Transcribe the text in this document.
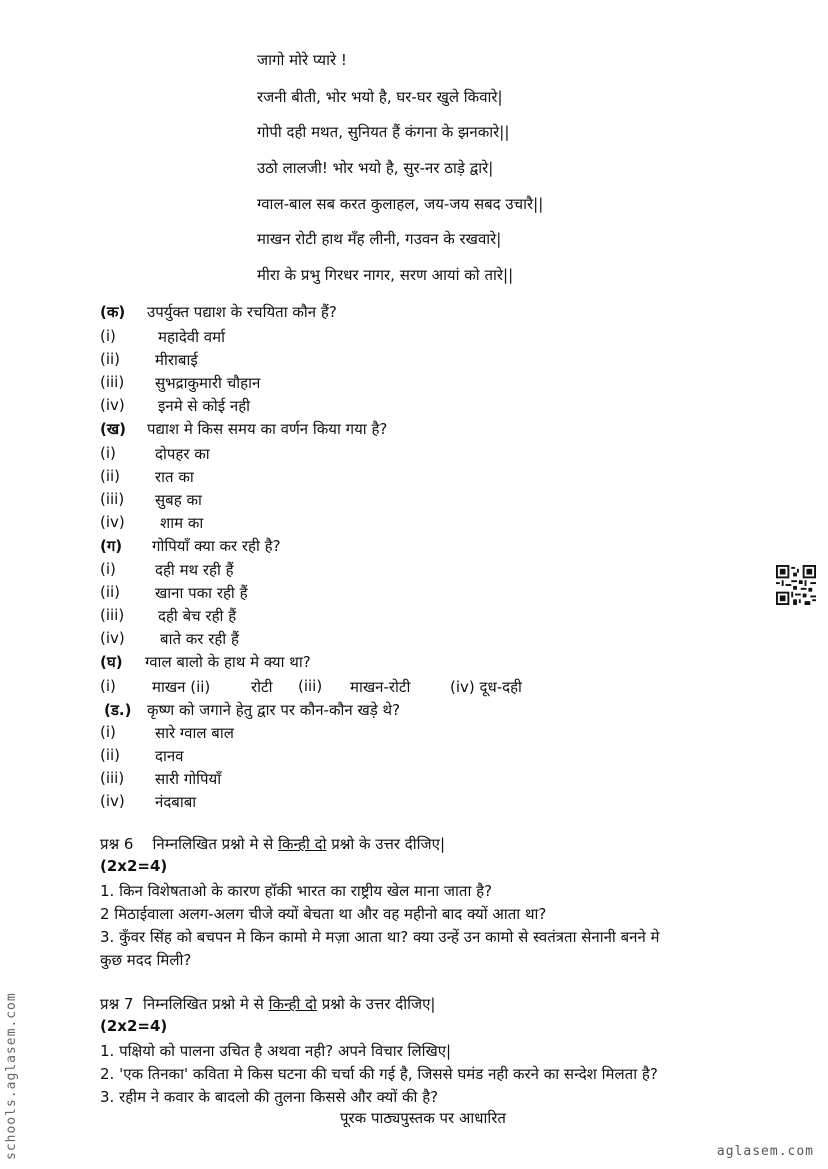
जागो मोरे प्यारे !
रजनी बीती, भोर भयो है, घर-घर खुले किवारे|
गोपी दही मथत, सुनियत हैं कंगना के झनकारे||
उठो लालजी! भोर भयो है, सुर-नर ठाड़े द्वारे|
ग्वाल-बाल सब करत कुलाहल, जय-जय सबद उचारै||
माखन रोटी हाथ मँह लीनी, गउवन के रखवारे|
मीरा के प्रभु गिरधर नागर, सरण आयां को तारे||
(क) उपर्युक्त पद्याश के रचयिता कौन हैं?
(i)	महादेवी वर्मा
(ii) मीराबाई
(iii) सुभद्राकुमारी चौहान
(iv) इनमे से कोई नही
(ख) पद्याश मे किस समय का वर्णन किया गया है?
(i)	दोपहर का
(ii) रात का
(iii) सुबह का
(iv) शाम का
(ग) गोपियाँ क्या कर रही है?
(i)	दही मथ रही हैं
(ii) खाना पका रही हैं
(iii) दही बेच रही हैं
(iv) बाते कर रही हैं
(घ) ग्वाल बालो के हाथ मे क्या था?
(i) माखन (ii)	रोटी (iii) माखन-रोटी	(iv) दूध-दही
(ड.) कृष्ण को जगाने हेतु द्वार पर कौन-कौन खड़े थे?
(i)	सारे ग्वाल बाल
(ii) दानव
(iii) सारी गोपियाँ
(iv) नंदबाबा
प्रश्न 6 निम्नलिखित प्रश्नो मे से किन्ही दो प्रश्नो के उत्तर दीजिए|
(2x2=4)
1. किन विशेषताओ के कारण हॉकी भारत का राष्ट्रीय खेल माना जाता है?
2 मिठाईवाला अलग-अलग चीजे क्यों बेचता था और वह महीनो बाद क्यों आता था?
3. कुँवर सिंह को बचपन मे किन कामो मे मज़ा आता था? क्या उन्हें उन कामो से स्वतंत्रता सेनानी बनने मे
कुछ मदद मिली?
प्रश्न 7 निम्नलिखित प्रश्नो मे से किन्ही दो प्रश्नो के उत्तर दीजिए|
(2x2=4)
1. पक्षियो को पालना उचित है अथवा नही? अपने विचार लिखिए|
2. 'एक तिनका' कविता मे किस घटना की चर्चा की गई है, जिससे घमंड नही करने का सन्देश मिलता है?
3. रहीम ने कवार के बादलो की तुलना किससे और क्यों की है?
पूरक पाठ्यपुस्तक पर आधारित
schools.aglasem.com	aglasem.com
